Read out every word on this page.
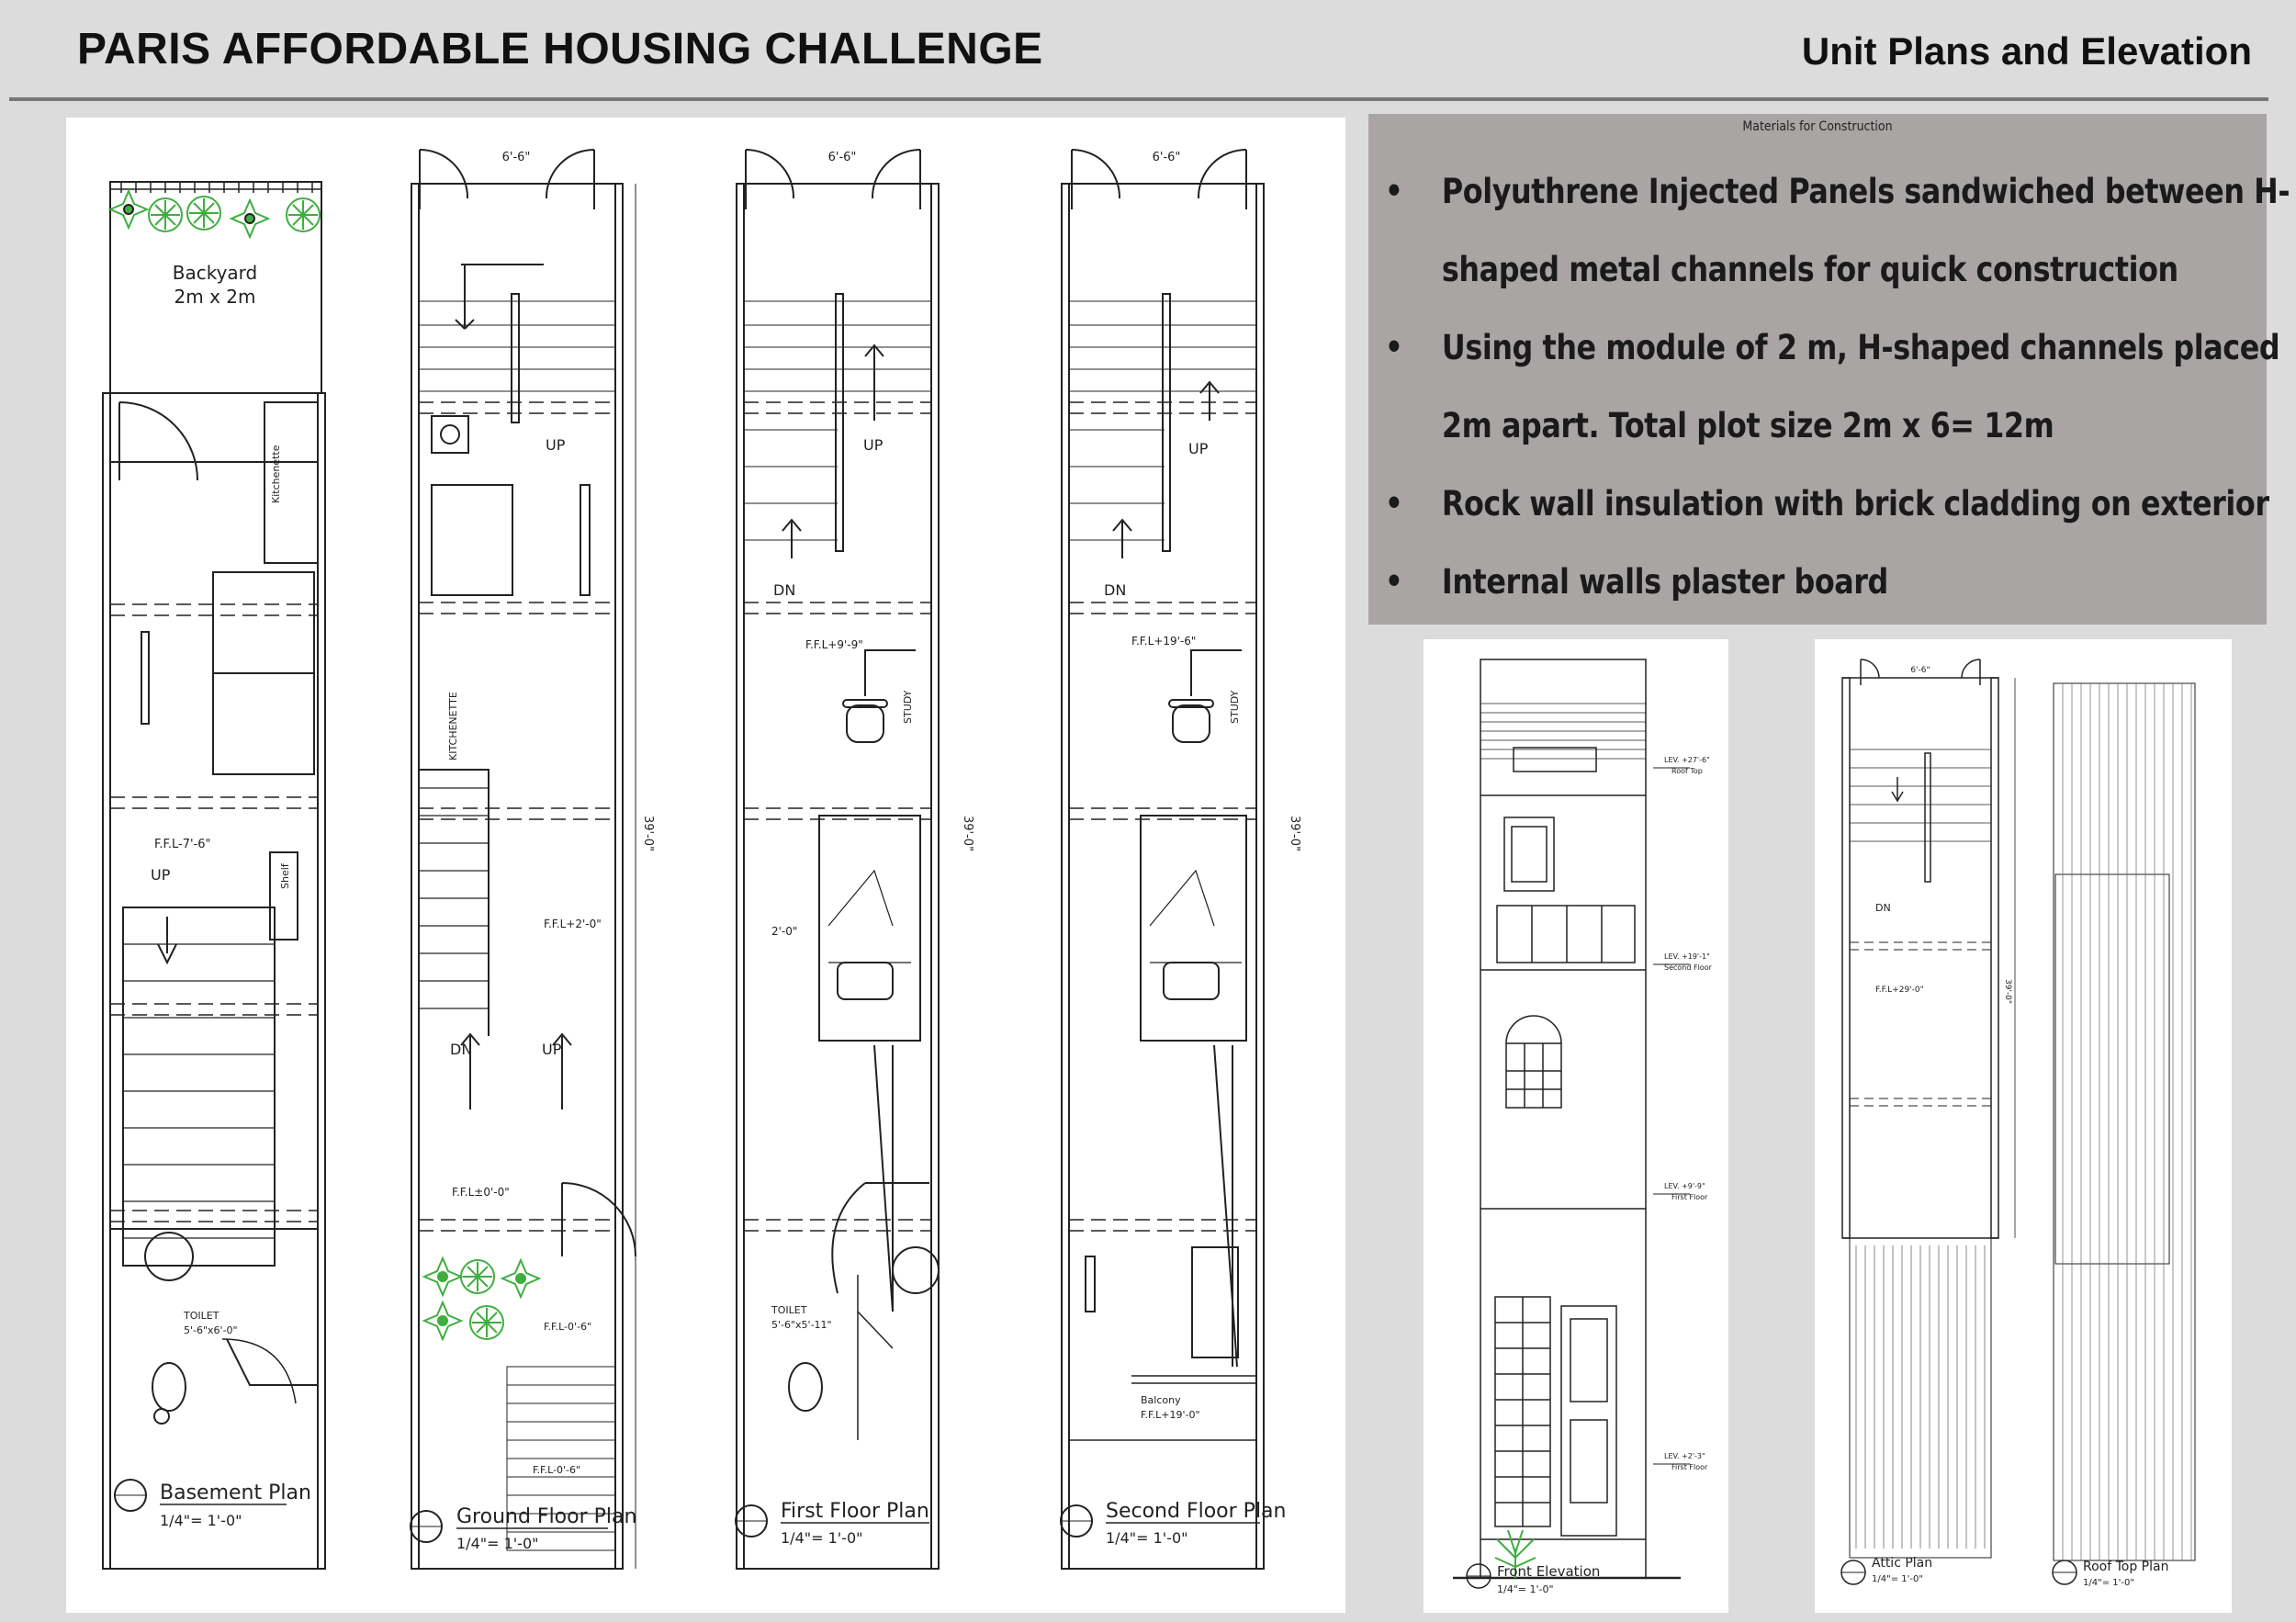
PARIS AFFORDABLE HOUSING CHALLENGE	Unit Plans and Elevation
Backyard
2m x 2m
Kitchenette
F.F.L-7'-6"
UP	Shelf
TOILET
5'-6"x6'-0"
Basement Plan
1/4"= 1'-0"
6'-6"
39'-0"
UP
KITCHENETTE
F.F.L+2'-0"
DN	UP
F.F.L±0'-0"
F.F.L-0'-6"
F.F.L-0'-6"
Ground Floor Plan
1/4"= 1'-0"
6'-6"
39'-0"
UP
DN
F.F.L+9'-9"
STUDY
2'-0"
TOILET
5'-6"x5'-11"
First Floor Plan
1/4"= 1'-0"
6'-6"
39'-0"
UP
DN
F.F.L+19'-6"
STUDY
Balcony
F.F.L+19'-0"
Second Floor Plan
1/4"= 1'-0"
Materials for Construction
•	Polyuthrene Injected Panels sandwiched between H-
shaped metal channels for quick construction
•	Using the module of 2 m, H-shaped channels placed
2m apart. Total plot size 2m x 6= 12m
•	Rock wall insulation with brick cladding on exterior
•	Internal walls plaster board
LEV. +27'-6"
Roof Top
LEV. +19'-1"
Second Floor
LEV. +9'-9"
First Floor
LEV. +2'-3"
First Floor
Front Elevation
1/4"= 1'-0"
6'-6"
39'-0"
DN
F.F.L+29'-0"
Attic Plan
1/4"= 1'-0"
Roof Top Plan
1/4"= 1'-0"
